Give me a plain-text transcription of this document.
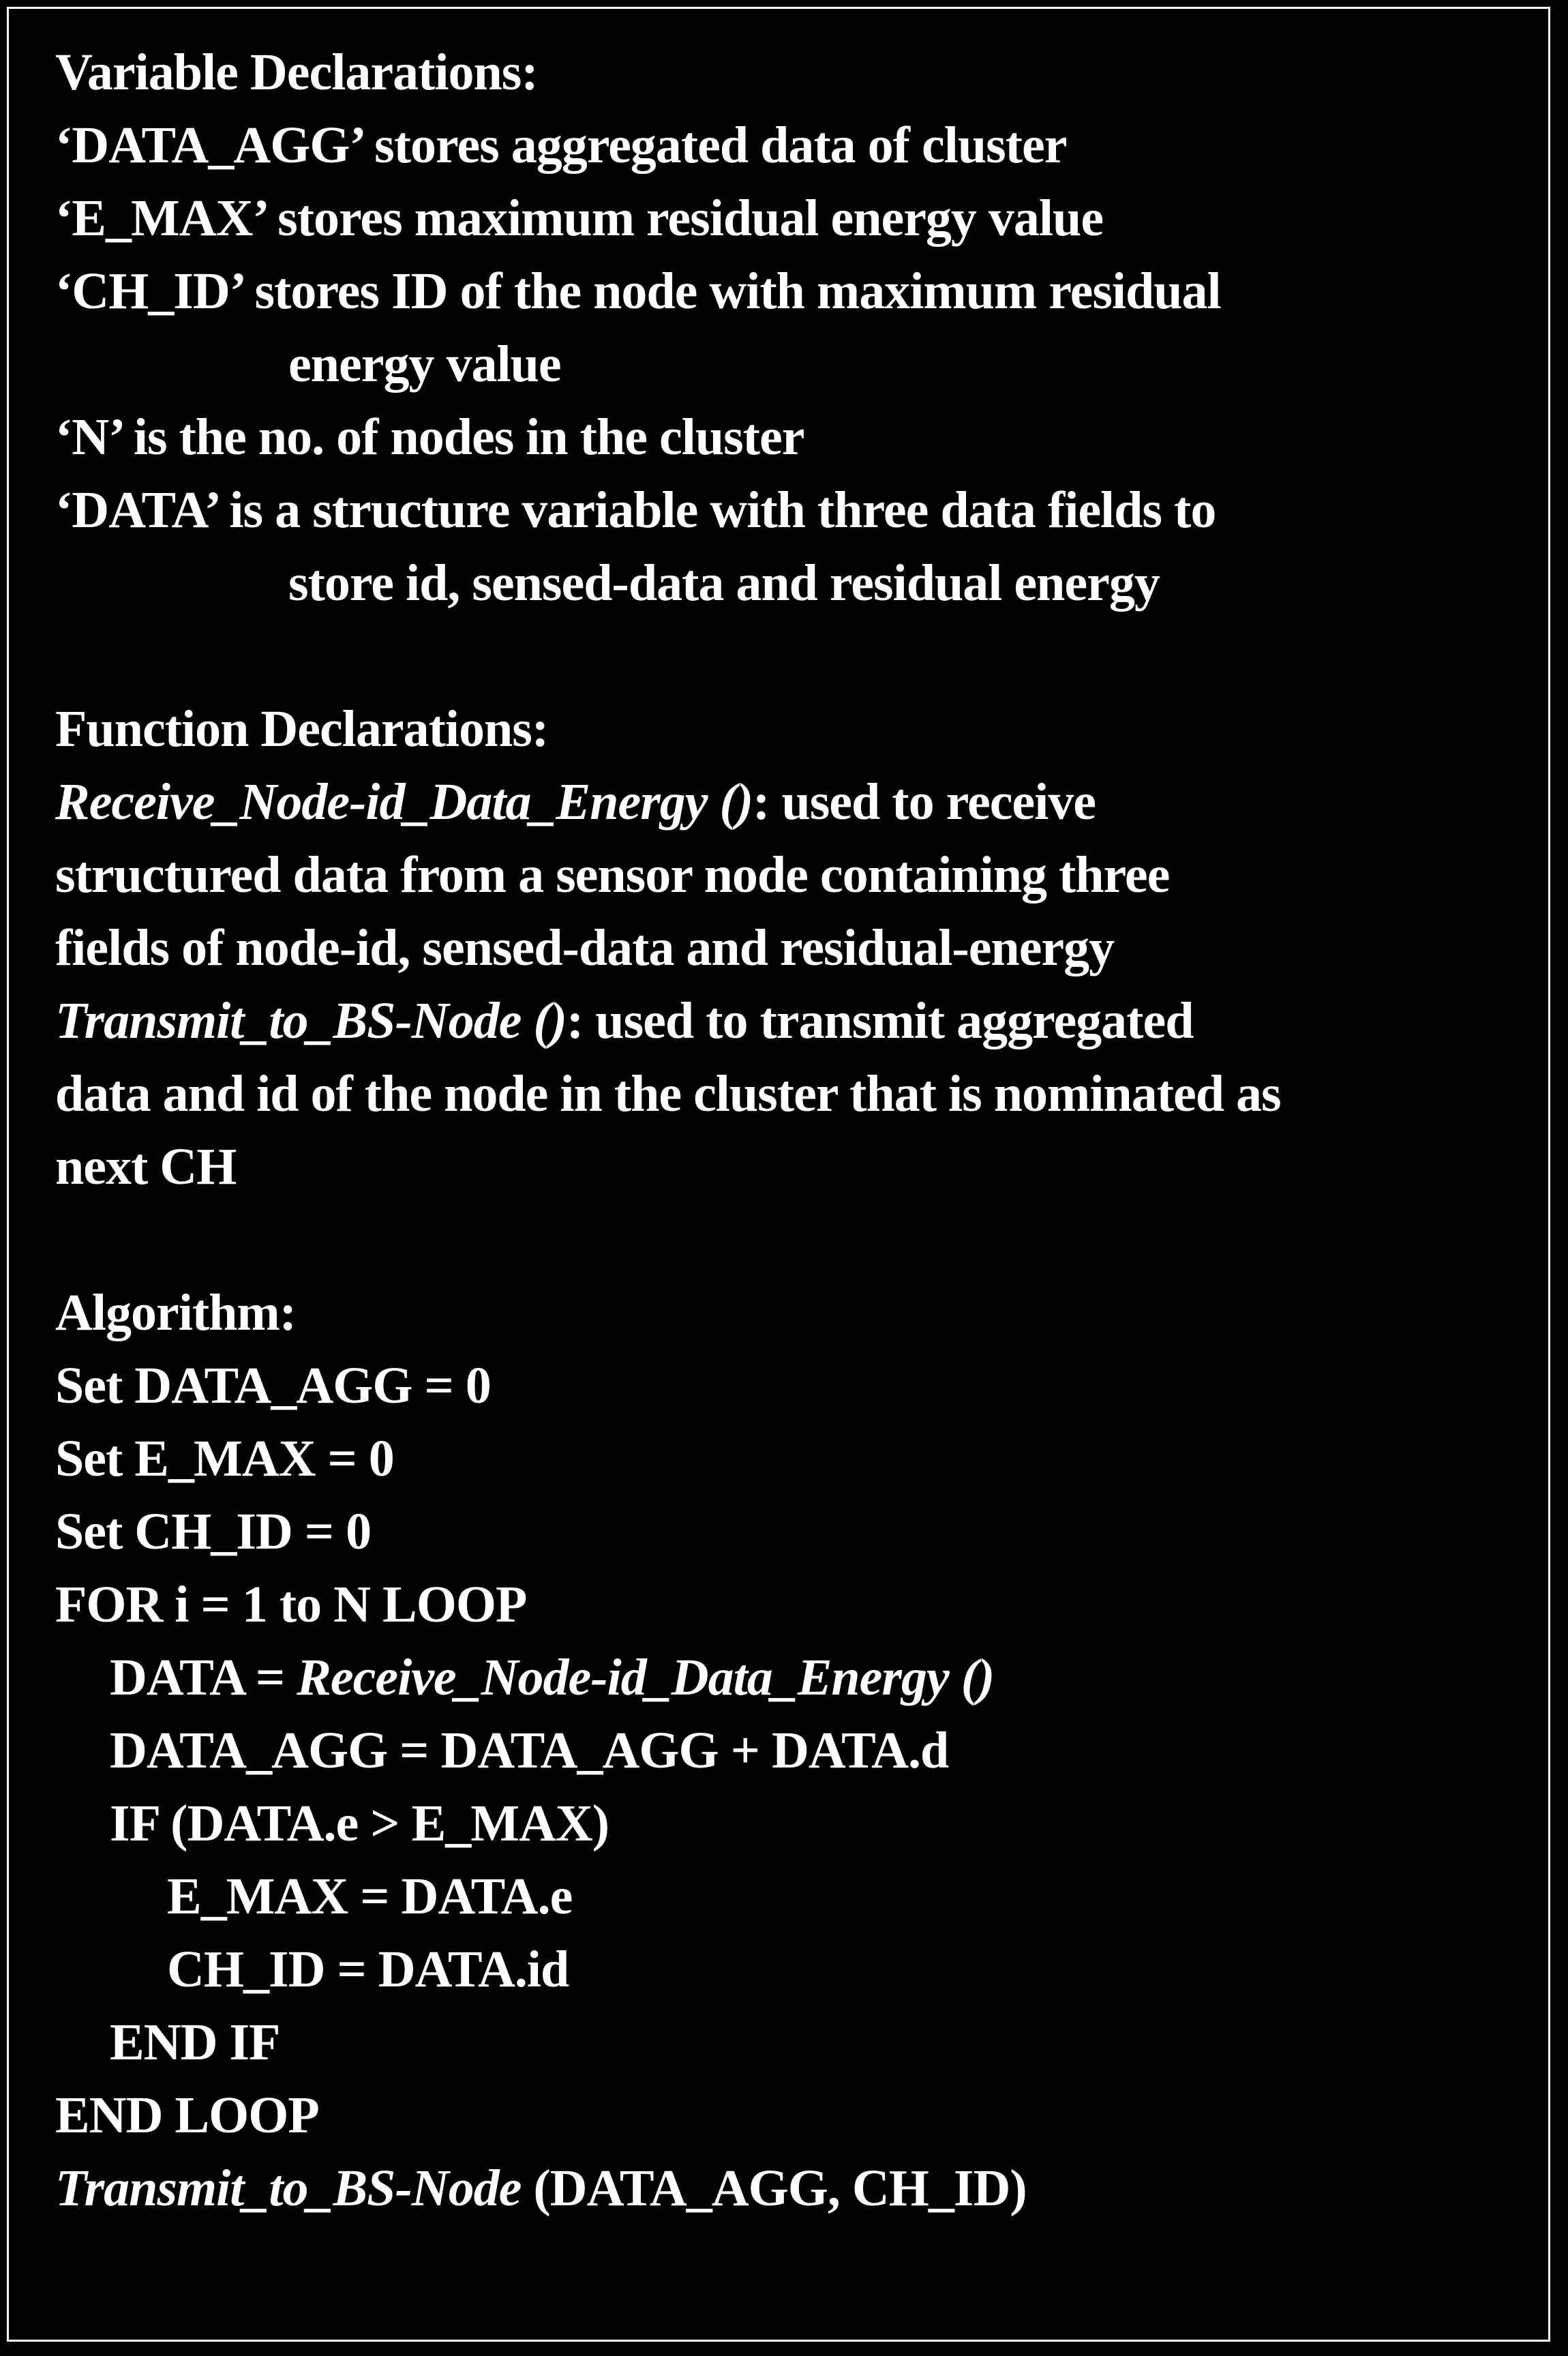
Variable Declarations:
‘DATA_AGG’ stores aggregated data of cluster
‘E_MAX’ stores maximum residual energy value
‘CH_ID’ stores ID of the node with maximum residual
energy value
‘N’ is the no. of nodes in the cluster
‘DATA’ is a structure variable with three data fields to
store id, sensed-data and residual energy
Function Declarations:
Receive_Node-id_Data_Energy (): used to receive
structured data from a sensor node containing three
fields of node-id, sensed-data and residual-energy
Transmit_to_BS-Node (): used to transmit aggregated
data and id of the node in the cluster that is nominated as
next CH
Algorithm:
Set DATA_AGG = 0
Set E_MAX = 0
Set CH_ID = 0
FOR i = 1 to N LOOP
DATA = Receive_Node-id_Data_Energy ()
DATA_AGG = DATA_AGG + DATA.d
IF (DATA.e > E_MAX)
E_MAX = DATA.e
CH_ID = DATA.id
END IF
END LOOP
Transmit_to_BS-Node (DATA_AGG, CH_ID)
